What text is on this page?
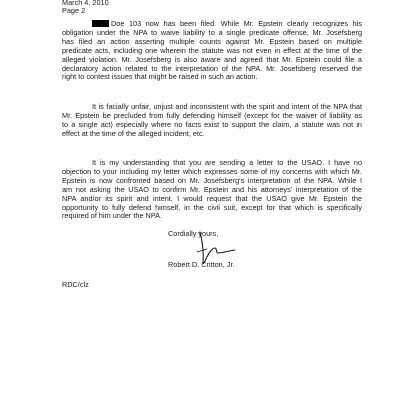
March 4, 2010

Page 2

Doe 103 now has been filed. While Mr. Epstein clearly recognizes his
obligation under the NPA to waive liability to a single predicate offense, Mr. Josefsberg
has filed an action asserting multiple counts against Mr. Epstein based on multiple
predicate acts, including one wherein the statute was not even in effect at the time of the
alleged violation. Mr. Josefsberg is also aware and agreed that Mr. Epstein could file a
declaratory action related to the interpretation of the NPA. Mr. Josefsberg reserved the
right to contest issues that might be raised in such an action.
It is facially unfair, unjust and inconsistent with the spirit and intent of the NPA that
Mr. Epstein be precluded from fully defending himself (except for the waiver of liability as
to a single act) especially where no facts exist to support the claim, a statute was not in
effect at the time of the alleged incident, etc.
It is my understanding that you are sending a letter to the USAO. I have no
objection to your including my letter which expresses some of my concerns with which Mr.
Epstein is now confronted based on Mr. Josefsberg's interpretation of the NPA. While I
am not asking the USAO to confirm Mr. Epstein and his attorneys' interpretation of the
NPA and/or its spirit and intent, I would request that the USAO give Mr. Epstein the
opportunity to fully defend himself, in the civil suit, except for that which is specifically
required of him under the NPA.

Cordially yours,

Robert D. Critton, Jr.

RDC/clz
